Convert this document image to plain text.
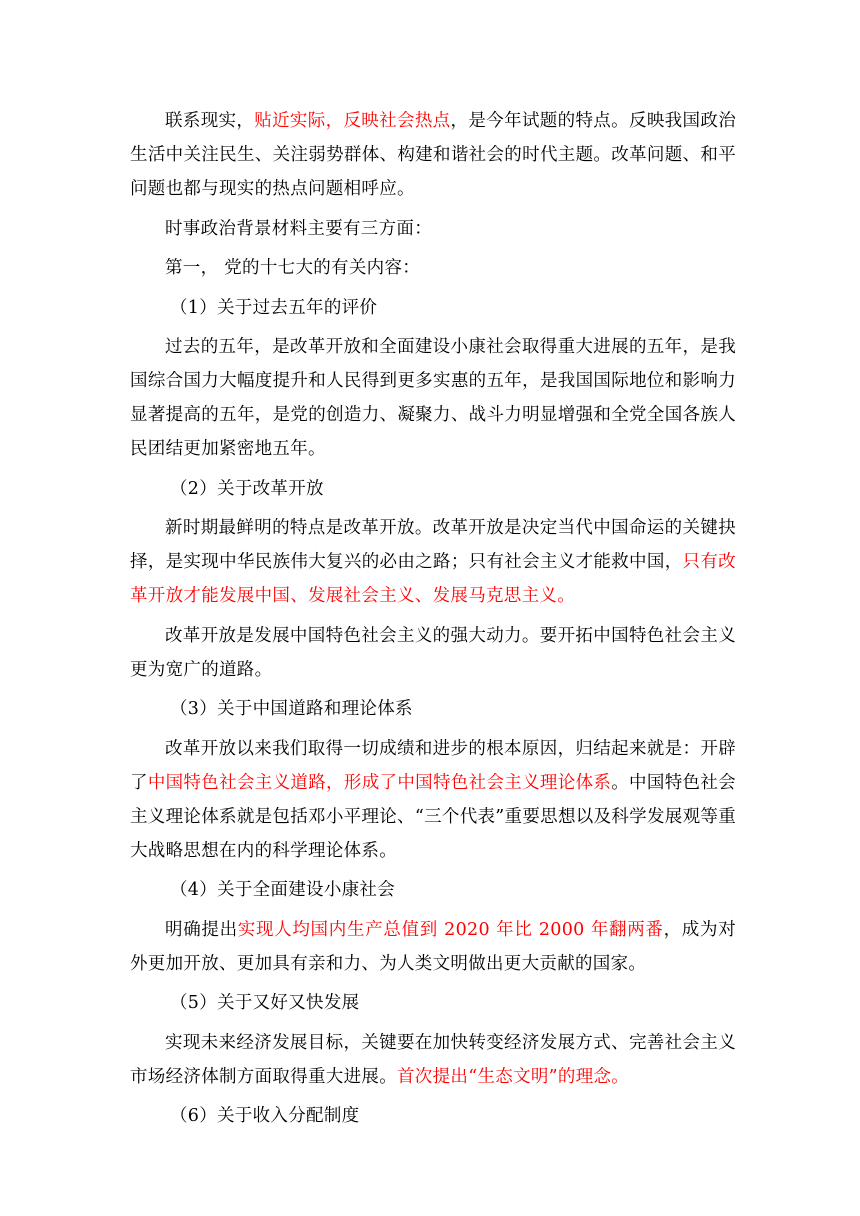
联系现实，贴近实际，反映社会热点，是今年试题的特点。反映我国政治生活中关注民生、关注弱势群体、构建和谐社会的时代主题。改革问题、和平问题也都与现实的热点问题相呼应。

时事政治背景材料主要有三方面：

第一， 党的十七大的有关内容：

（1）关于过去五年的评价

过去的五年，是改革开放和全面建设小康社会取得重大进展的五年，是我国综合国力大幅度提升和人民得到更多实惠的五年，是我国国际地位和影响力显著提高的五年，是党的创造力、凝聚力、战斗力明显增强和全党全国各族人民团结更加紧密地五年。

（2）关于改革开放

新时期最鲜明的特点是改革开放。改革开放是决定当代中国命运的关键抉择，是实现中华民族伟大复兴的必由之路；只有社会主义才能救中国，只有改革开放才能发展中国、发展社会主义、发展马克思主义。

改革开放是发展中国特色社会主义的强大动力。要开拓中国特色社会主义更为宽广的道路。

（3）关于中国道路和理论体系

改革开放以来我们取得一切成绩和进步的根本原因，归结起来就是：开辟了中国特色社会主义道路，形成了中国特色社会主义理论体系。中国特色社会主义理论体系就是包括邓小平理论、“三个代表”重要思想以及科学发展观等重大战略思想在内的科学理论体系。

（4）关于全面建设小康社会

明确提出实现人均国内生产总值到 2020 年比 2000 年翻两番，成为对外更加开放、更加具有亲和力、为人类文明做出更大贡献的国家。

（5）关于又好又快发展

实现未来经济发展目标，关键要在加快转变经济发展方式、完善社会主义市场经济体制方面取得重大进展。首次提出“生态文明”的理念。

（6）关于收入分配制度
